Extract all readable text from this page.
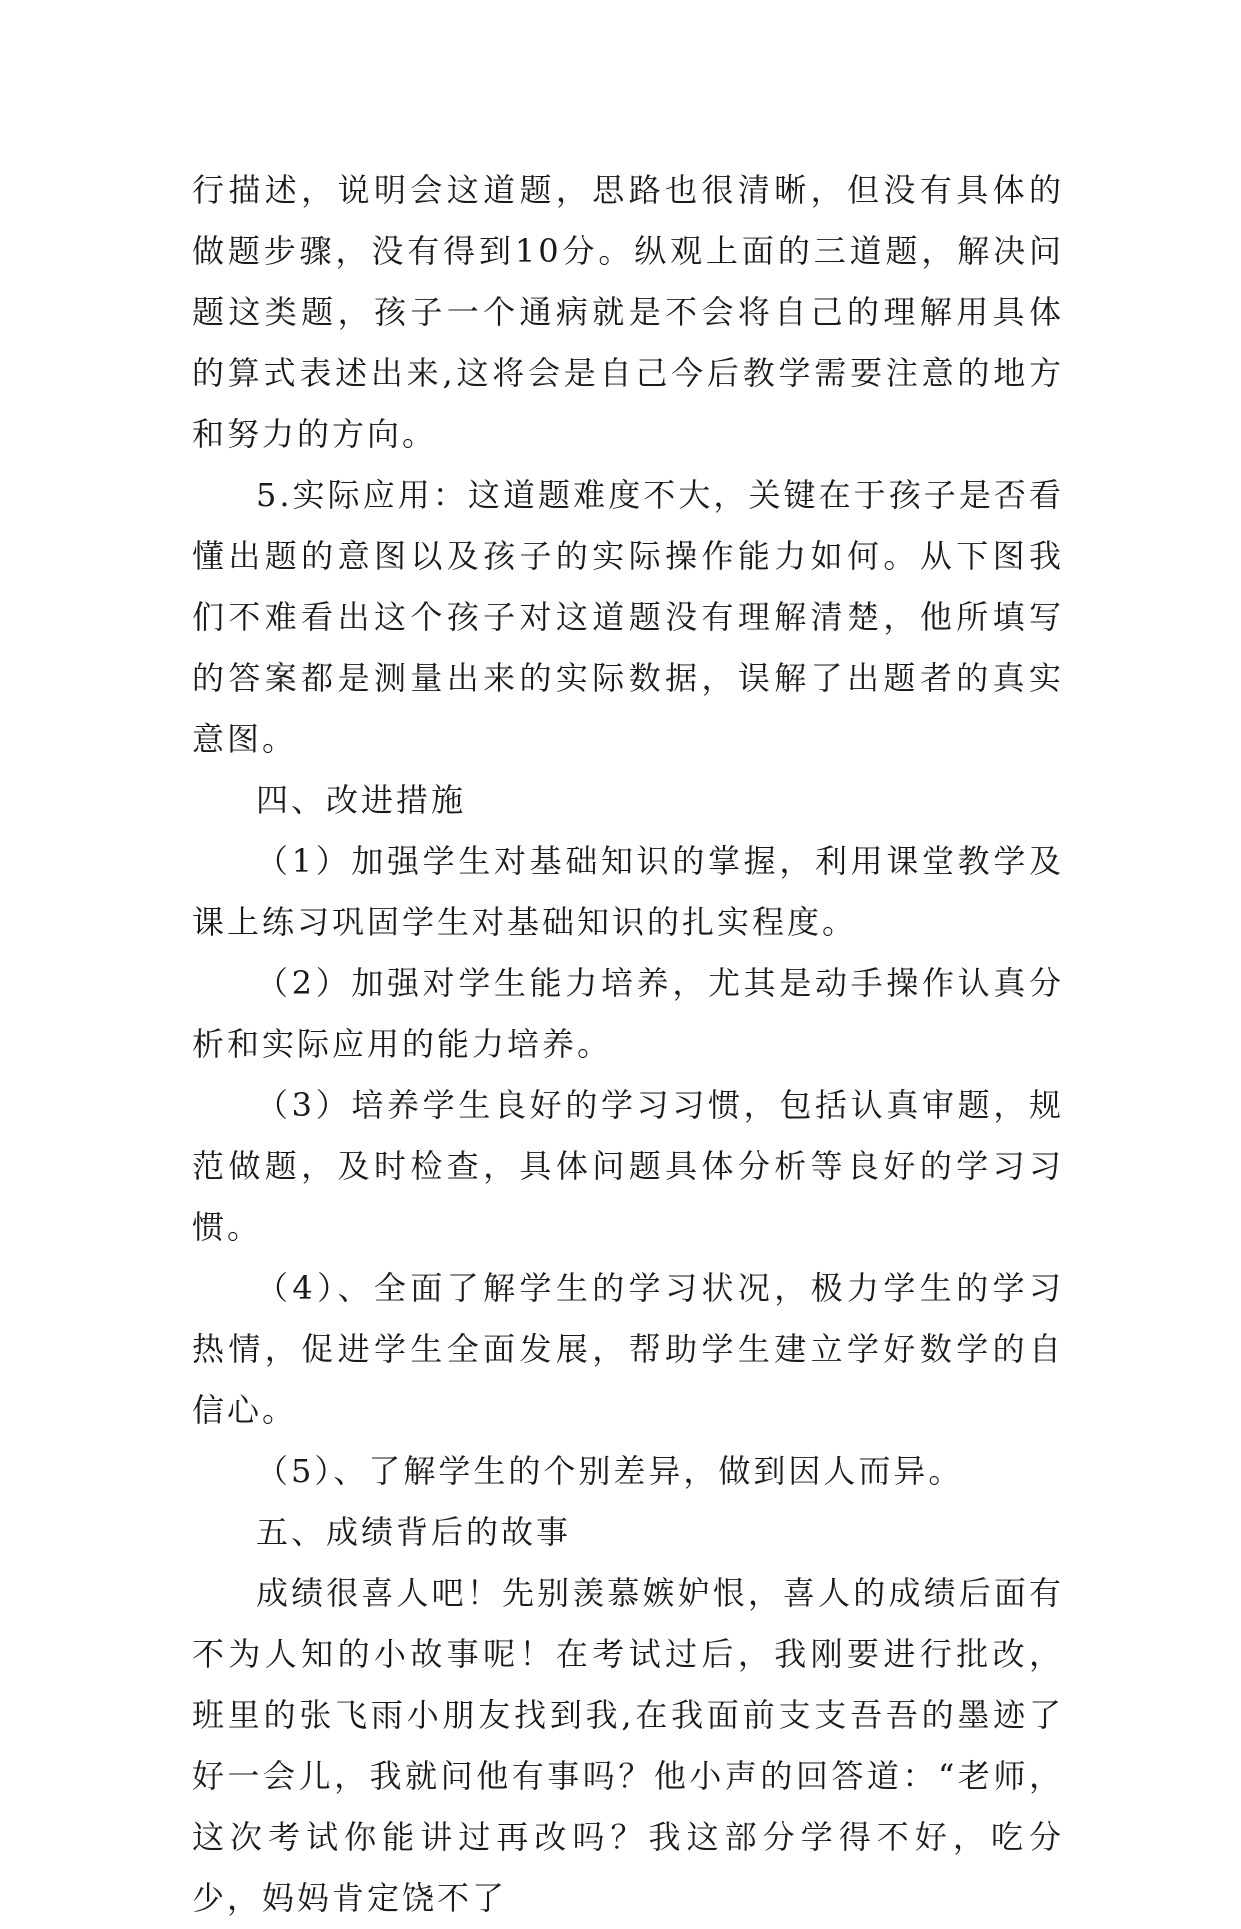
行描述，说明会这道题，思路也很清晰，但没有具体的做题步骤，没有得到10分。纵观上面的三道题，解决问题这类题，孩子一个通病就是不会将自己的理解用具体的算式表述出来,这将会是自己今后教学需要注意的地方和努力的方向。

5.实际应用：这道题难度不大，关键在于孩子是否看懂出题的意图以及孩子的实际操作能力如何。从下图我们不难看出这个孩子对这道题没有理解清楚，他所填写的答案都是测量出来的实际数据，误解了出题者的真实意图。

四、改进措施

（1）加强学生对基础知识的掌握，利用课堂教学及课上练习巩固学生对基础知识的扎实程度。

（2）加强对学生能力培养，尤其是动手操作认真分析和实际应用的能力培养。

（3）培养学生良好的学习习惯，包括认真审题，规范做题，及时检查，具体问题具体分析等良好的学习习惯。

（4）、全面了解学生的学习状况，极力学生的学习热情，促进学生全面发展，帮助学生建立学好数学的自信心。

（5）、了解学生的个别差异，做到因人而异。

五、成绩背后的故事

成绩很喜人吧！先别羡慕嫉妒恨，喜人的成绩后面有不为人知的小故事呢！在考试过后，我刚要进行批改，班里的张飞雨小朋友找到我,在我面前支支吾吾的墨迹了好一会儿，我就问他有事吗？他小声的回答道：“老师，这次考试你能讲过再改吗？我这部分学得不好，吃分少，妈妈肯定饶不了
